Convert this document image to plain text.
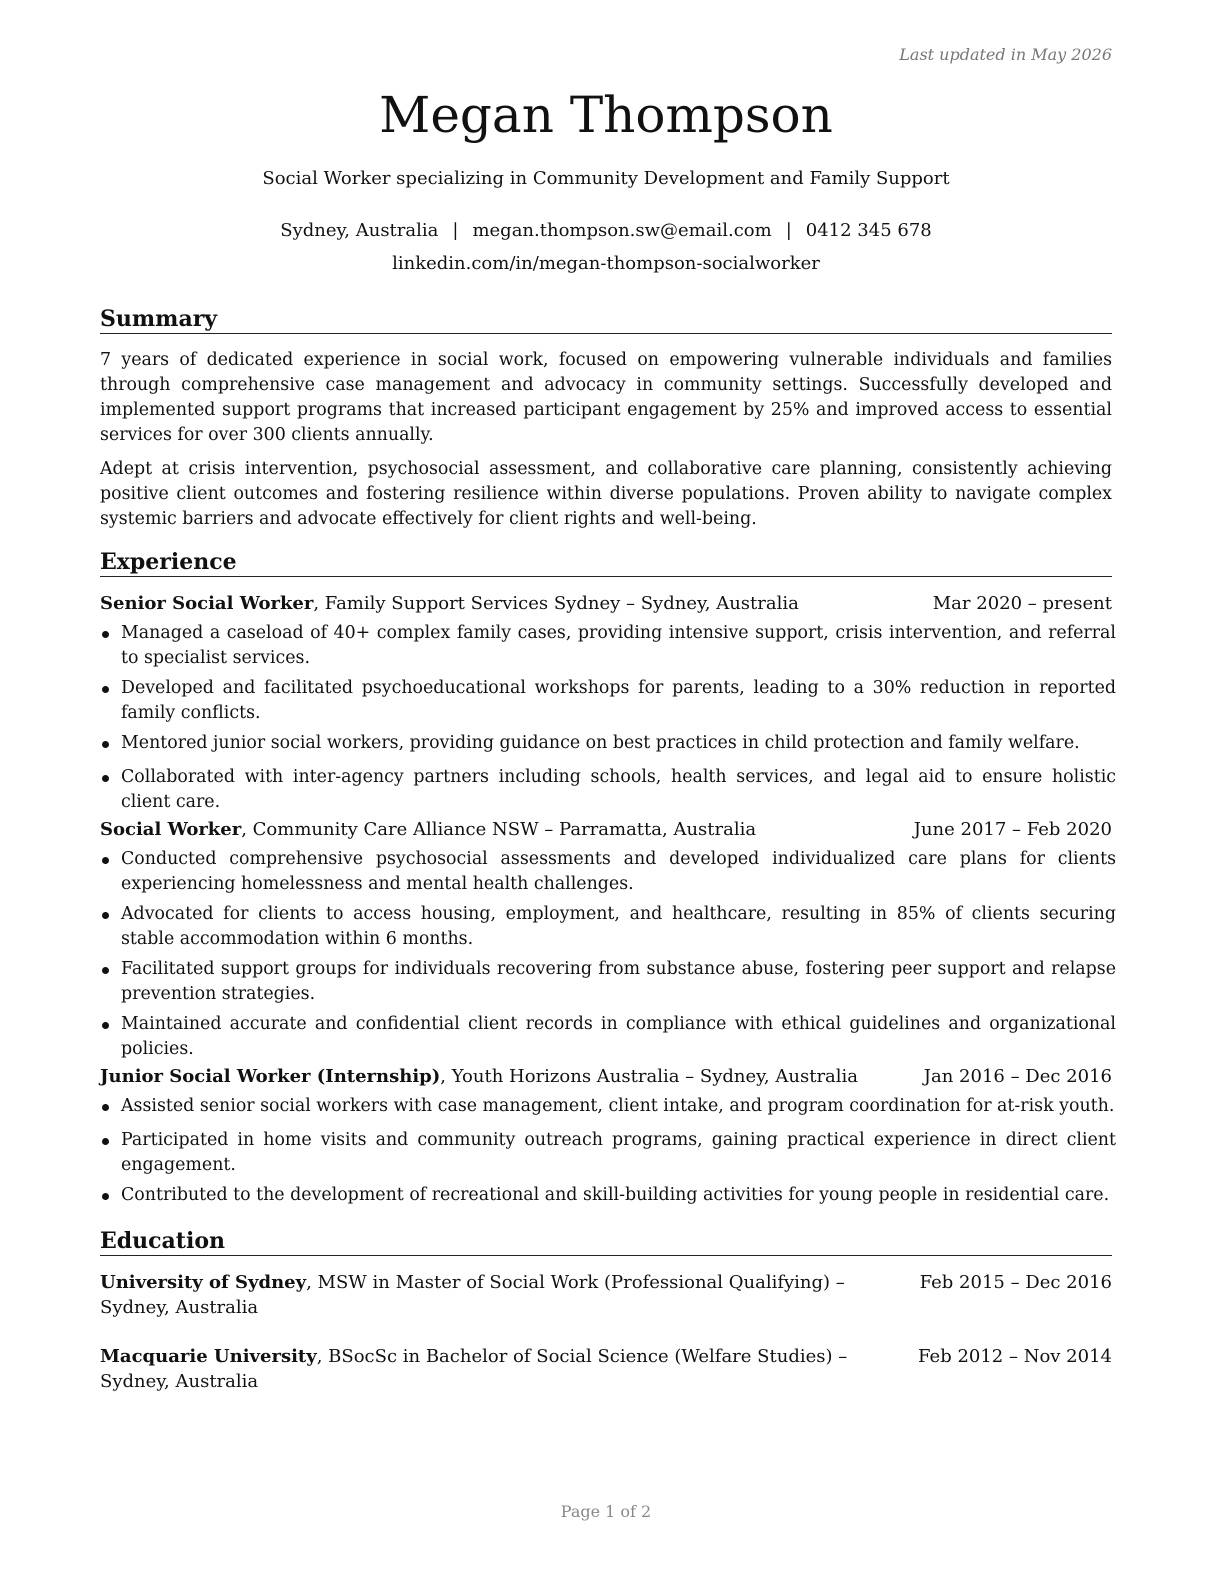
Last updated in May 2026
Megan Thompson
Social Worker specializing in Community Development and Family Support
Sydney, Australia | megan.thompson.sw@email.com | 0412 345 678
linkedin.com/in/megan-thompson-socialworker
Summary

7 years of dedicated experience in social work, focused on empowering vulnerable individuals and families through comprehensive case management and advocacy in community settings. Successfully developed and implemented support programs that increased participant engagement by 25% and improved access to essential services for over 300 clients annually.

Adept at crisis intervention, psychosocial assessment, and collaborative care planning, consistently achieving positive client outcomes and fostering resilience within diverse populations. Proven ability to navigate complex systemic barriers and advocate effectively for client rights and well-being.

Experience
Senior Social Worker, Family Support Services Sydney – Sydney, Australia	Mar 2020 – present
Managed a caseload of 40+ complex family cases, providing intensive support, crisis intervention, and referral to specialist services.
Developed and facilitated psychoeducational workshops for parents, leading to a 30% reduction in reported family conflicts.
Mentored junior social workers, providing guidance on best practices in child protection and family welfare.
Collaborated with inter-agency partners including schools, health services, and legal aid to ensure holistic client care.
Social Worker, Community Care Alliance NSW – Parramatta, Australia	June 2017 – Feb 2020
Conducted comprehensive psychosocial assessments and developed individualized care plans for clients experiencing homelessness and mental health challenges.
Advocated for clients to access housing, employment, and healthcare, resulting in 85% of clients securing stable accommodation within 6 months.
Facilitated support groups for individuals recovering from substance abuse, fostering peer support and relapse prevention strategies.
Maintained accurate and confidential client records in compliance with ethical guidelines and organizational policies.
Junior Social Worker (Internship), Youth Horizons Australia – Sydney, Australia	Jan 2016 – Dec 2016
Assisted senior social workers with case management, client intake, and program coordination for at-risk youth.
Participated in home visits and community outreach programs, gaining practical experience in direct client engagement.
Contributed to the development of recreational and skill-building activities for young people in residential care.
Education
University of Sydney, MSW in Master of Social Work (Professional Qualifying) – Sydney, Australia
Feb 2015 – Dec 2016
Macquarie University, BSocSc in Bachelor of Social Science (Welfare Studies) – Sydney, Australia
Feb 2012 – Nov 2014
Page 1 of 2
